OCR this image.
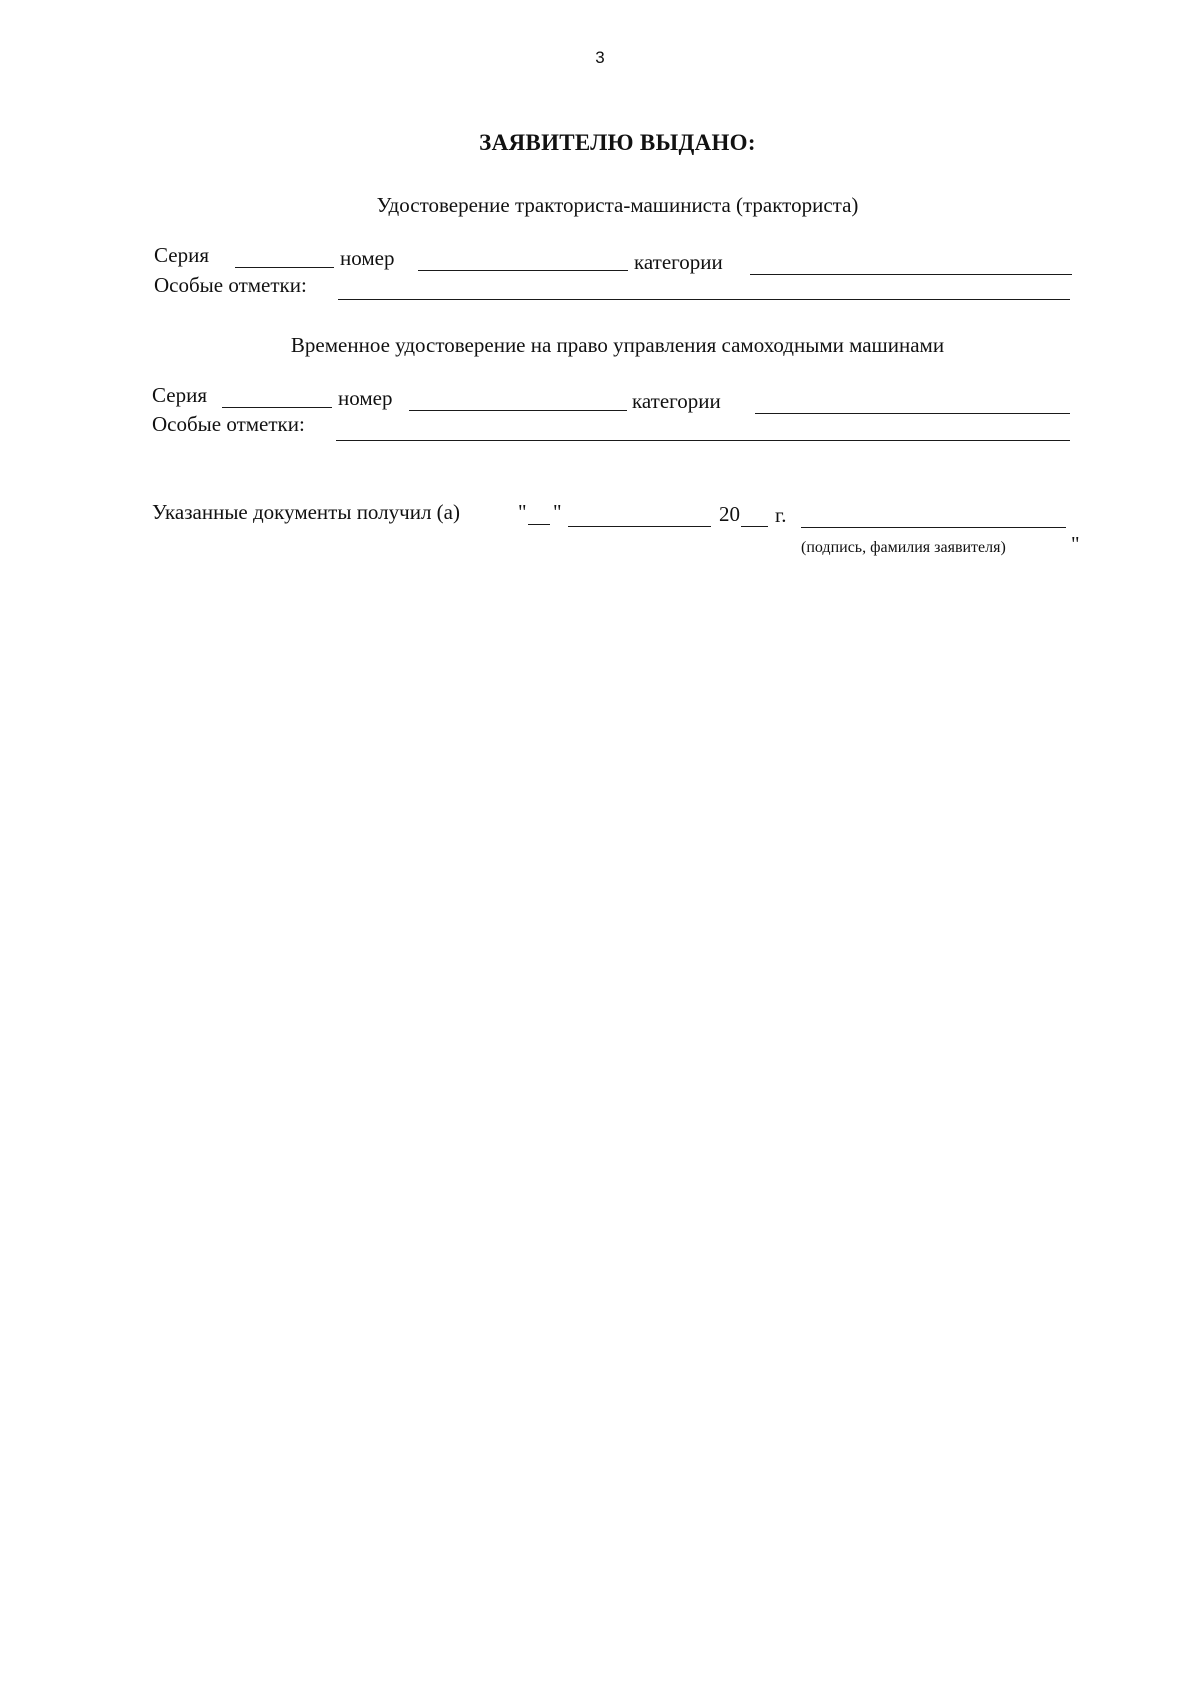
3
ЗАЯВИТЕЛЮ ВЫДАНО:
Удостоверение тракториста-машиниста (тракториста)
Серия	номер	категории
Особые отметки:
Временное удостоверение на право управления самоходными машинами
Серия	номер	категории
Особые отметки:
Указанные документы получил (а)	" "	20 г.
(подпись, фамилия заявителя)	"
